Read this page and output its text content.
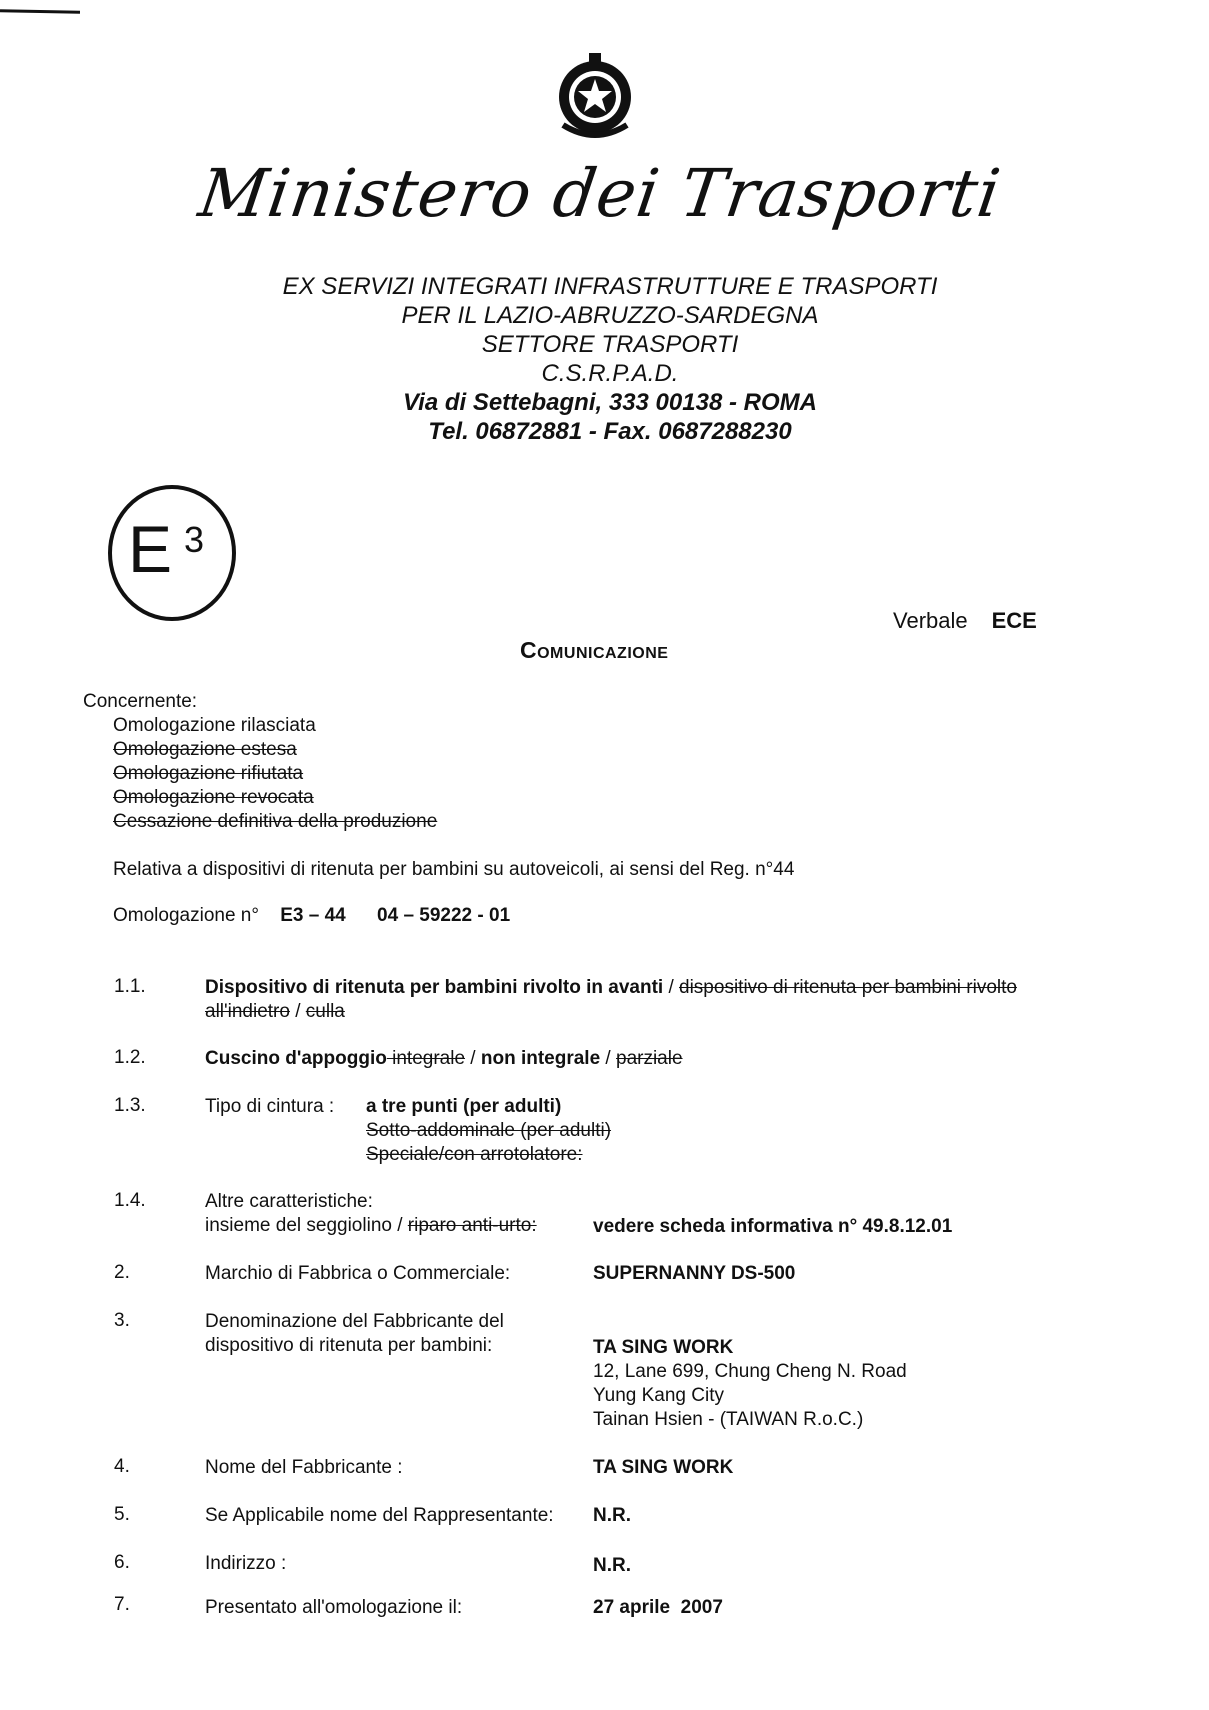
Ministero dei Trasporti
EX SERVIZI INTEGRATI INFRASTRUTTURE E TRASPORTI
PER IL LAZIO-ABRUZZO-SARDEGNA
SETTORE TRASPORTI
C.S.R.P.A.D.
Via di Settebagni, 333 00138 - ROMA
Tel. 06872881 - Fax. 0687288230
E 3
Verbale ECE
Comunicazione
Concernente:
Omologazione rilasciata
Omologazione estesa
Omologazione rifiutata
Omologazione revocata
Cessazione definitiva della produzione
Relativa a dispositivi di ritenuta per bambini su autoveicoli, ai sensi del Reg. n°44
Omologazione n° E3 – 44 04 – 59222 - 01
1.1.	Dispositivo di ritenuta per bambini rivolto in avanti / dispositivo di ritenuta per bambini rivolto all'indietro / culla
1.2.	Cuscino d'appoggio integrale / non integrale / parziale
1.3.	Tipo di cintura : a tre punti (per adulti)
Sotto-addominale (per adulti)
Speciale/con arrotolatore:
1.4.	Altre caratteristiche:
insieme del seggiolino / riparo anti-urto:	vedere scheda informativa n° 49.8.12.01
2.	Marchio di Fabbrica o Commerciale:	SUPERNANNY DS-500
3.	Denominazione del Fabbricante del
dispositivo di ritenuta per bambini:	TA SING WORK
12, Lane 699, Chung Cheng N. Road
Yung Kang City
Tainan Hsien - (TAIWAN R.o.C.)
4.	Nome del Fabbricante :	TA SING WORK
5.	Se Applicabile nome del Rappresentante: N.R.
6.	Indirizzo :	N.R.
7.	Presentato all'omologazione il:	27 aprile  2007
